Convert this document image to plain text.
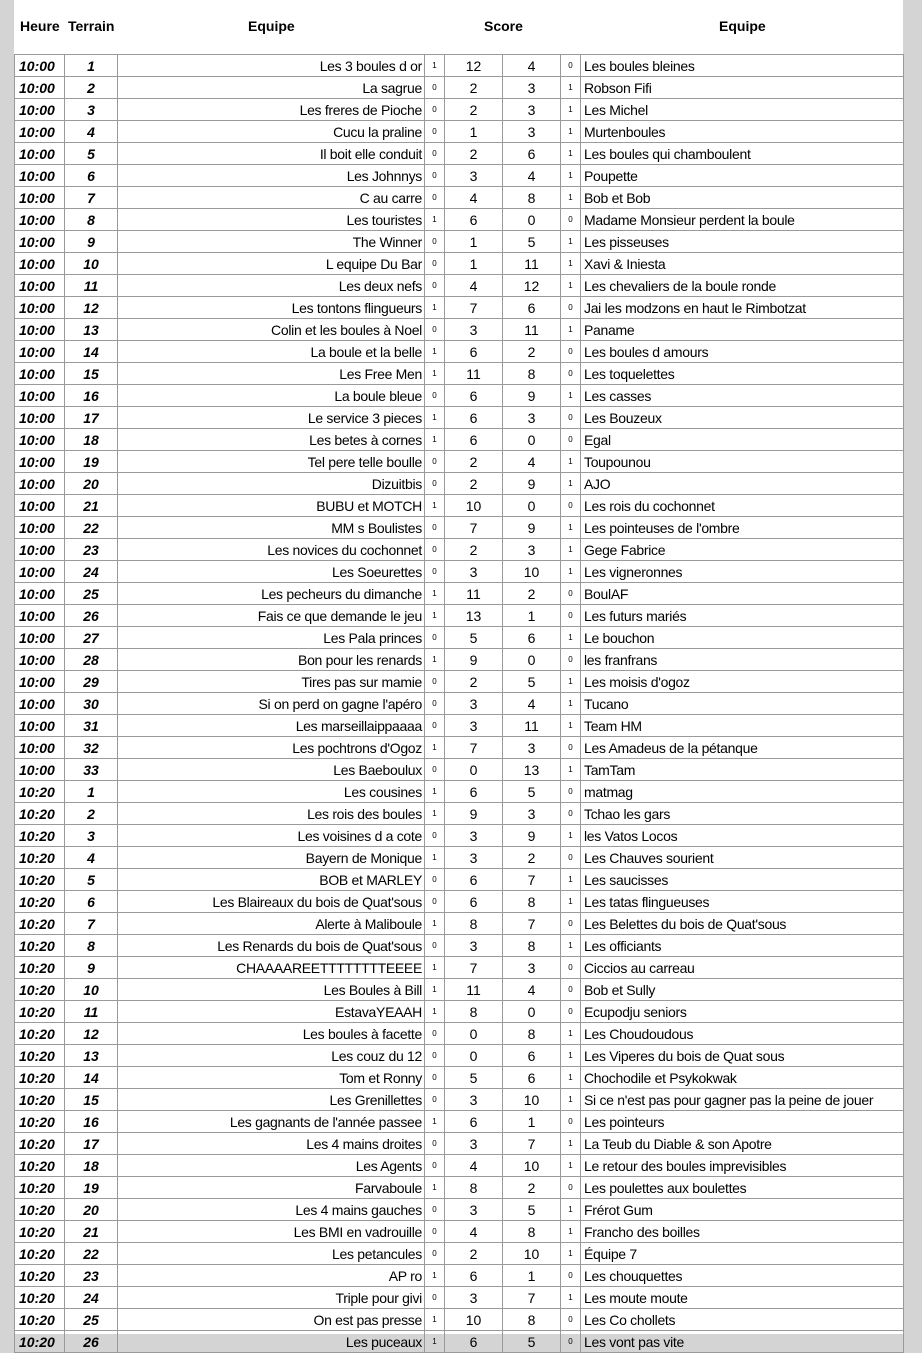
Heure Terrain	Equipe	Score	Equipe
10:00	1	Les 3 boules d or	1	12	4	0	Les boules bleines
10:00	2	La sagrue	0	2	3	1	Robson Fifi
10:00	3	Les freres de Pioche	0	2	3	1	Les Michel
10:00	4	Cucu la praline	0	1	3	1	Murtenboules
10:00	5	Il boit elle conduit	0	2	6	1	Les boules qui chamboulent
10:00	6	Les Johnnys	0	3	4	1	Poupette
10:00	7	C au carre	0	4	8	1	Bob et Bob
10:00	8	Les touristes	1	6	0	0	Madame Monsieur perdent la boule
10:00	9	The Winner	0	1	5	1	Les pisseuses
10:00	10	L equipe Du Bar	0	1	11	1	Xavi & Iniesta
10:00	11	Les deux nefs	0	4	12	1	Les chevaliers de la boule ronde
10:00	12	Les tontons flingueurs	1	7	6	0	Jai les modzons en haut le Rimbotzat
10:00	13	Colin et les boules à Noel	0	3	11	1	Paname
10:00	14	La boule et la belle	1	6	2	0	Les boules d amours
10:00	15	Les Free Men	1	11	8	0	Les toquelettes
10:00	16	La boule bleue	0	6	9	1	Les casses
10:00	17	Le service 3 pieces	1	6	3	0	Les Bouzeux
10:00	18	Les betes à cornes	1	6	0	0	Egal
10:00	19	Tel pere telle boulle	0	2	4	1	Toupounou
10:00	20	Dizuitbis	0	2	9	1	AJO
10:00	21	BUBU et MOTCH	1	10	0	0	Les rois du cochonnet
10:00	22	MM s Boulistes	0	7	9	1	Les pointeuses de l'ombre
10:00	23	Les novices du cochonnet	0	2	3	1	Gege Fabrice
10:00	24	Les Soeurettes	0	3	10	1	Les vigneronnes
10:00	25	Les pecheurs du dimanche	1	11	2	0	BoulAF
10:00	26	Fais ce que demande le jeu	1	13	1	0	Les futurs mariés
10:00	27	Les Pala princes	0	5	6	1	Le bouchon
10:00	28	Bon pour les renards	1	9	0	0	les franfrans
10:00	29	Tires pas sur mamie	0	2	5	1	Les moisis d'ogoz
10:00	30	Si on perd on gagne l'apéro	0	3	4	1	Tucano
10:00	31	Les marseillaippaaaa	0	3	11	1	Team HM
10:00	32	Les pochtrons d'Ogoz	1	7	3	0	Les Amadeus de la pétanque
10:00	33	Les Baeboulux	0	0	13	1	TamTam
10:20	1	Les cousines	1	6	5	0	matmag
10:20	2	Les rois des boules	1	9	3	0	Tchao les gars
10:20	3	Les voisines d a cote	0	3	9	1	les Vatos Locos
10:20	4	Bayern de Monique	1	3	2	0	Les Chauves sourient
10:20	5	BOB et MARLEY	0	6	7	1	Les saucisses
10:20	6	Les Blaireaux du bois de Quat'sous	0	6	8	1	Les tatas flingueuses
10:20	7	Alerte à Maliboule	1	8	7	0	Les Belettes du bois de Quat'sous
10:20	8	Les Renards du bois de Quat'sous	0	3	8	1	Les officiants
10:20	9	CHAAAAREETTTTTTTTEEEE	1	7	3	0	Ciccios au carreau
10:20	10	Les Boules à Bill	1	11	4	0	Bob et Sully
10:20	11	EstavaYEAAH	1	8	0	0	Ecupodju seniors
10:20	12	Les boules à facette	0	0	8	1	Les Choudoudous
10:20	13	Les couz du 12	0	0	6	1	Les Viperes du bois de Quat sous
10:20	14	Tom et Ronny	0	5	6	1	Chochodile et Psykokwak
10:20	15	Les Grenillettes	0	3	10	1	Si ce n'est pas pour gagner pas la peine de jouer
10:20	16	Les gagnants de l'année passee	1	6	1	0	Les pointeurs
10:20	17	Les 4 mains droites	0	3	7	1	La Teub du Diable & son Apotre
10:20	18	Les Agents	0	4	10	1	Le retour des boules imprevisibles
10:20	19	Farvaboule	1	8	2	0	Les poulettes aux boulettes
10:20	20	Les 4 mains gauches	0	3	5	1	Frérot Gum
10:20	21	Les BMI en vadrouille	0	4	8	1	Francho des boilles
10:20	22	Les petancules	0	2	10	1	Équipe 7
10:20	23	AP ro	1	6	1	0	Les chouquettes
10:20	24	Triple pour givi	0	3	7	1	Les moute moute
10:20	25	On est pas presse	1	10	8	0	Les Co chollets
10:20	26	Les puceaux	1	6	5	0	Les vont pas vite
